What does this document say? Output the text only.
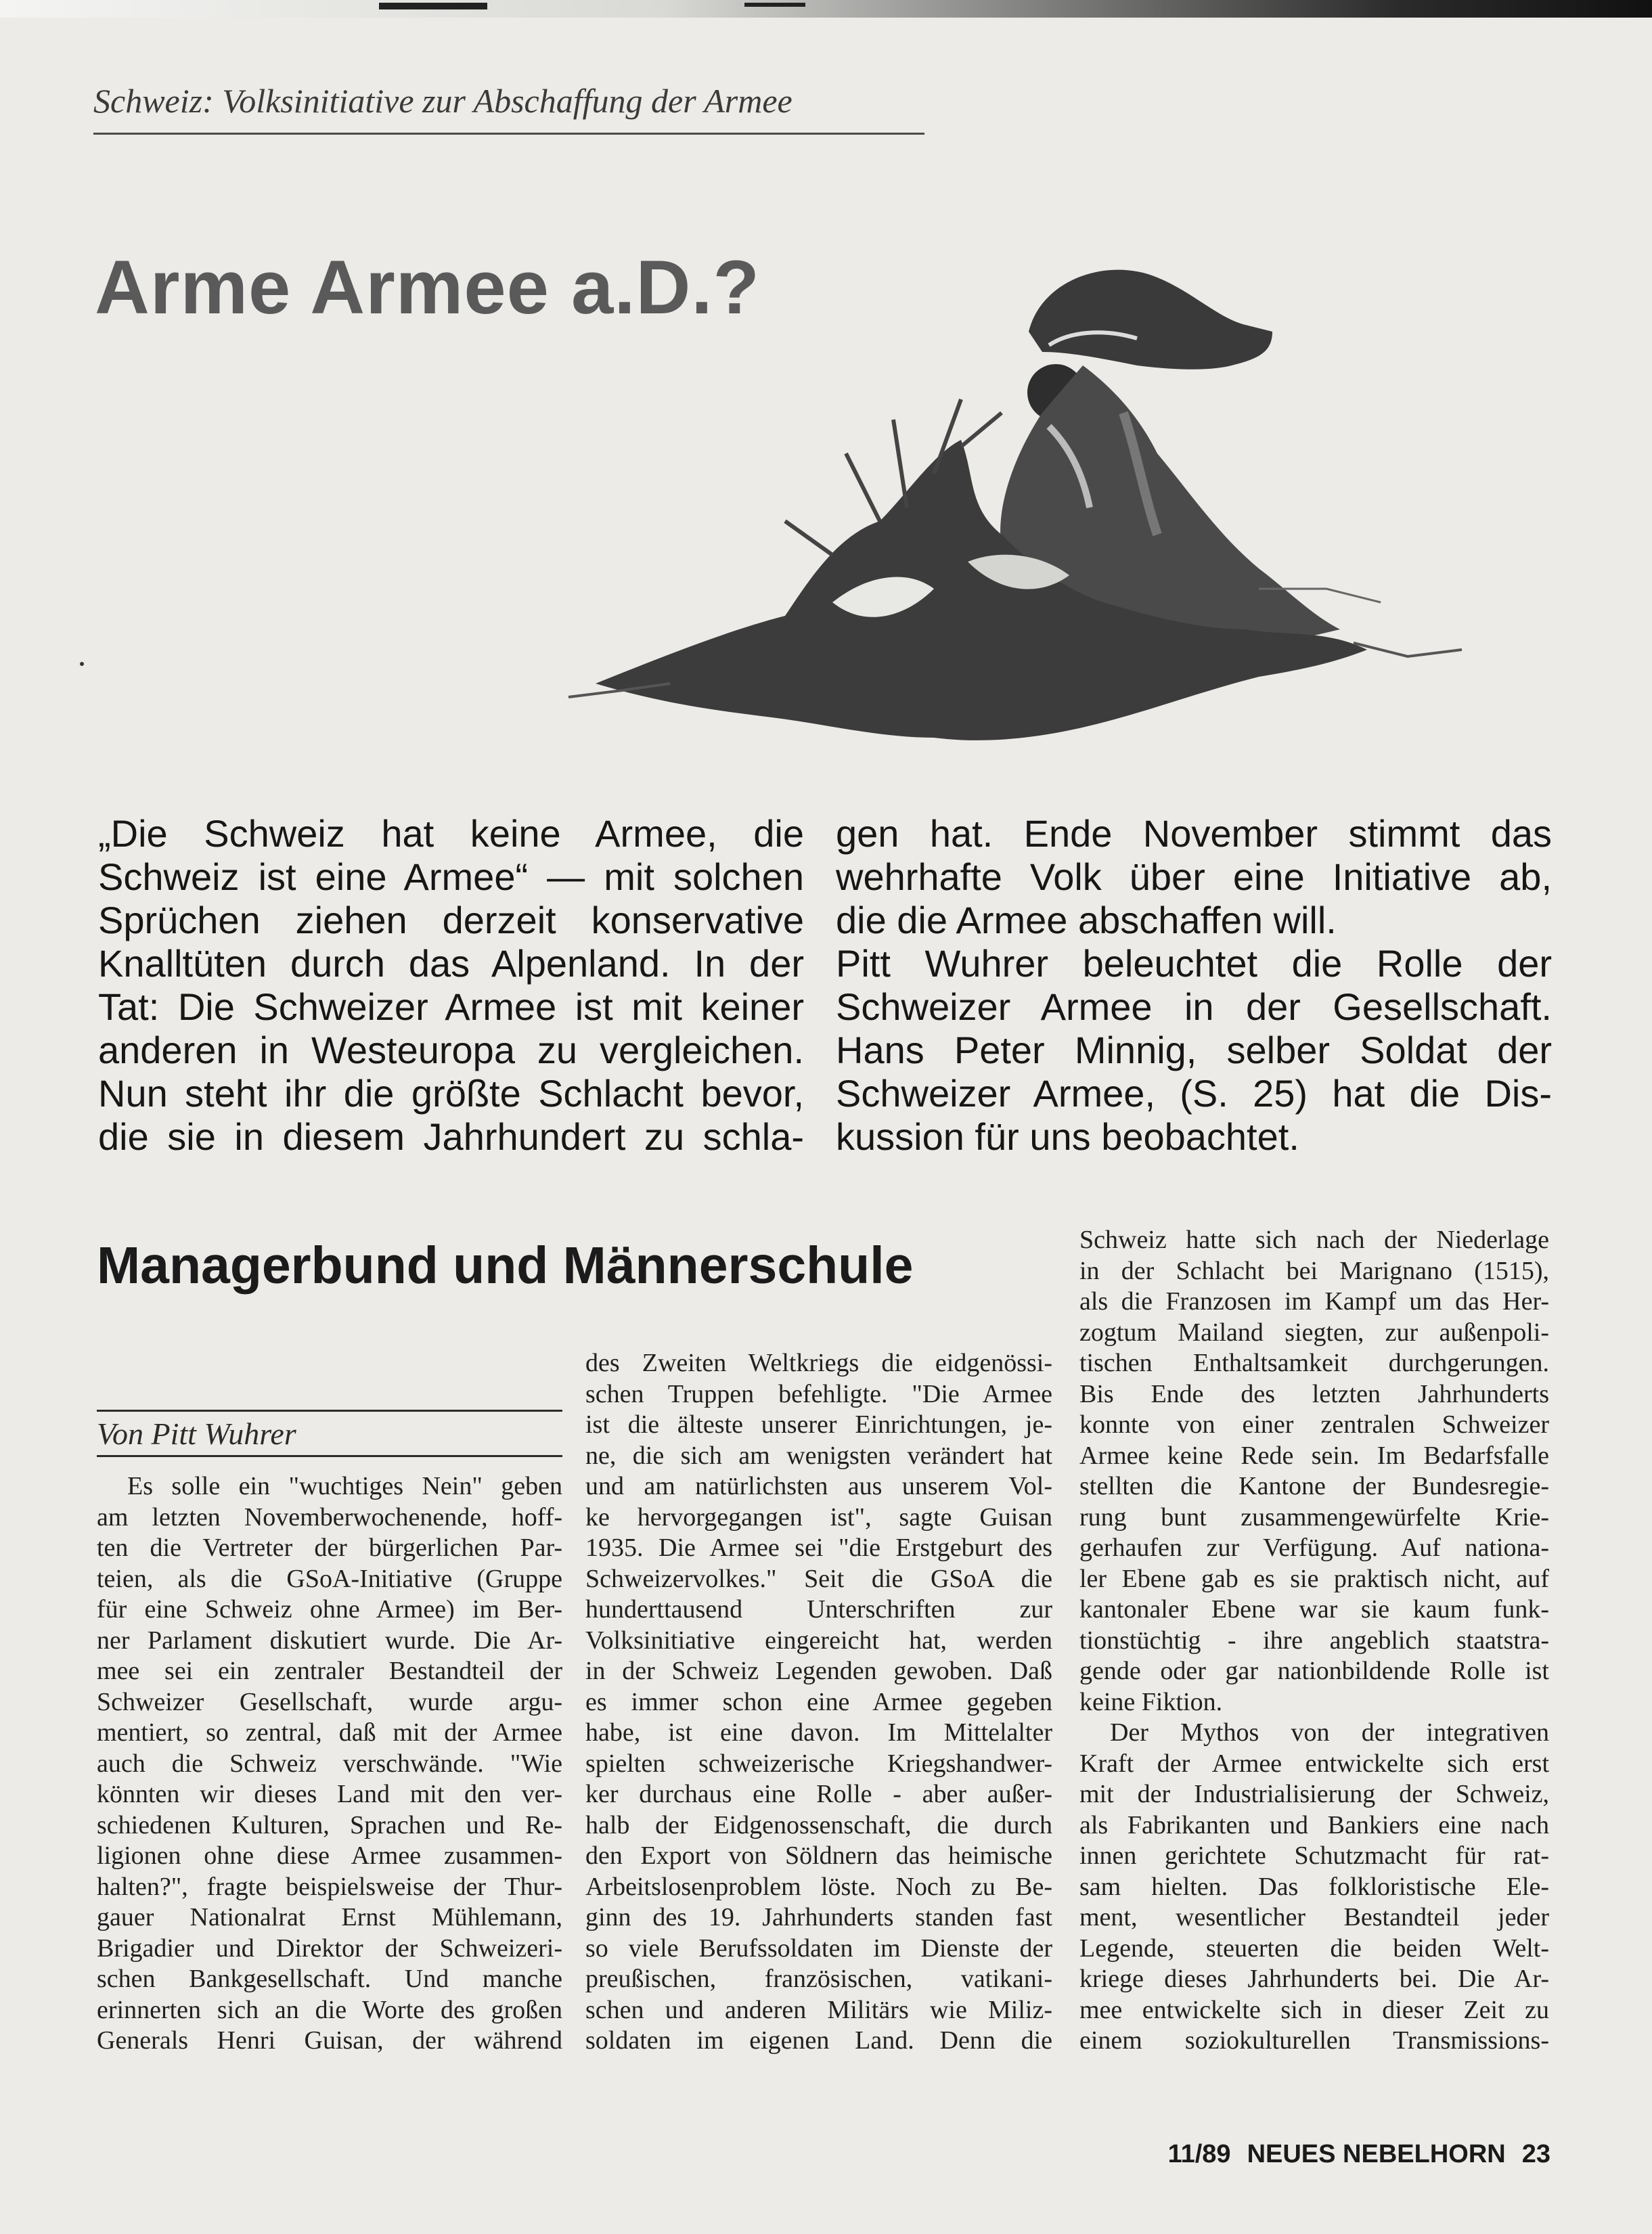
Schweiz: Volksinitiative zur Abschaffung der Armee
Arme Armee a.D.?
„Die Schweiz hat keine Armee, die
Schweiz ist eine Armee“ — mit solchen
Sprüchen ziehen derzeit konservative
Knalltüten durch das Alpenland. In der
Tat: Die Schweizer Armee ist mit keiner
anderen in Westeuropa zu vergleichen.
Nun steht ihr die größte Schlacht bevor,
die sie in diesem Jahrhundert zu schla-
gen hat. Ende November stimmt das
wehrhafte Volk über eine Initiative ab,
die die Armee abschaffen will.
Pitt Wuhrer beleuchtet die Rolle der
Schweizer Armee in der Gesellschaft.
Hans Peter Minnig, selber Soldat der
Schweizer Armee, (S. 25) hat die Dis-
kussion für uns beobachtet.
Managerbund und Männerschule
Von Pitt Wuhrer
Es solle ein "wuchtiges Nein" geben
am letzten Novemberwochenende, hoff-
ten die Vertreter der bürgerlichen Par-
teien, als die GSoA-Initiative (Gruppe
für eine Schweiz ohne Armee) im Ber-
ner Parlament diskutiert wurde. Die Ar-
mee sei ein zentraler Bestandteil der
Schweizer Gesellschaft, wurde argu-
mentiert, so zentral, daß mit der Armee
auch die Schweiz verschwände. "Wie
könnten wir dieses Land mit den ver-
schiedenen Kulturen, Sprachen und Re-
ligionen ohne diese Armee zusammen-
halten?", fragte beispielsweise der Thur-
gauer Nationalrat Ernst Mühlemann,
Brigadier und Direktor der Schweizeri-
schen Bankgesellschaft. Und manche
erinnerten sich an die Worte des großen
Generals Henri Guisan, der während
des Zweiten Weltkriegs die eidgenössi-
schen Truppen befehligte. "Die Armee
ist die älteste unserer Einrichtungen, je-
ne, die sich am wenigsten verändert hat
und am natürlichsten aus unserem Vol-
ke hervorgegangen ist", sagte Guisan
1935. Die Armee sei "die Erstgeburt des
Schweizervolkes." Seit die GSoA die
hunderttausend Unterschriften zur
Volksinitiative eingereicht hat, werden
in der Schweiz Legenden gewoben. Daß
es immer schon eine Armee gegeben
habe, ist eine davon. Im Mittelalter
spielten schweizerische Kriegshandwer-
ker durchaus eine Rolle - aber außer-
halb der Eidgenossenschaft, die durch
den Export von Söldnern das heimische
Arbeitslosenproblem löste. Noch zu Be-
ginn des 19. Jahrhunderts standen fast
so viele Berufssoldaten im Dienste der
preußischen, französischen, vatikani-
schen und anderen Militärs wie Miliz-
soldaten im eigenen Land. Denn die
Schweiz hatte sich nach der Niederlage
in der Schlacht bei Marignano (1515),
als die Franzosen im Kampf um das Her-
zogtum Mailand siegten, zur außenpoli-
tischen Enthaltsamkeit durchgerungen.
Bis Ende des letzten Jahrhunderts
konnte von einer zentralen Schweizer
Armee keine Rede sein. Im Bedarfsfalle
stellten die Kantone der Bundesregie-
rung bunt zusammengewürfelte Krie-
gerhaufen zur Verfügung. Auf nationa-
ler Ebene gab es sie praktisch nicht, auf
kantonaler Ebene war sie kaum funk-
tionstüchtig - ihre angeblich staatstra-
gende oder gar nationbildende Rolle ist
keine Fiktion.
Der Mythos von der integrativen
Kraft der Armee entwickelte sich erst
mit der Industrialisierung der Schweiz,
als Fabrikanten und Bankiers eine nach
innen gerichtete Schutzmacht für rat-
sam hielten. Das folkloristische Ele-
ment, wesentlicher Bestandteil jeder
Legende, steuerten die beiden Welt-
kriege dieses Jahrhunderts bei. Die Ar-
mee entwickelte sich in dieser Zeit zu
einem soziokulturellen Transmissions-
11/89 NEUES NEBELHORN 23
